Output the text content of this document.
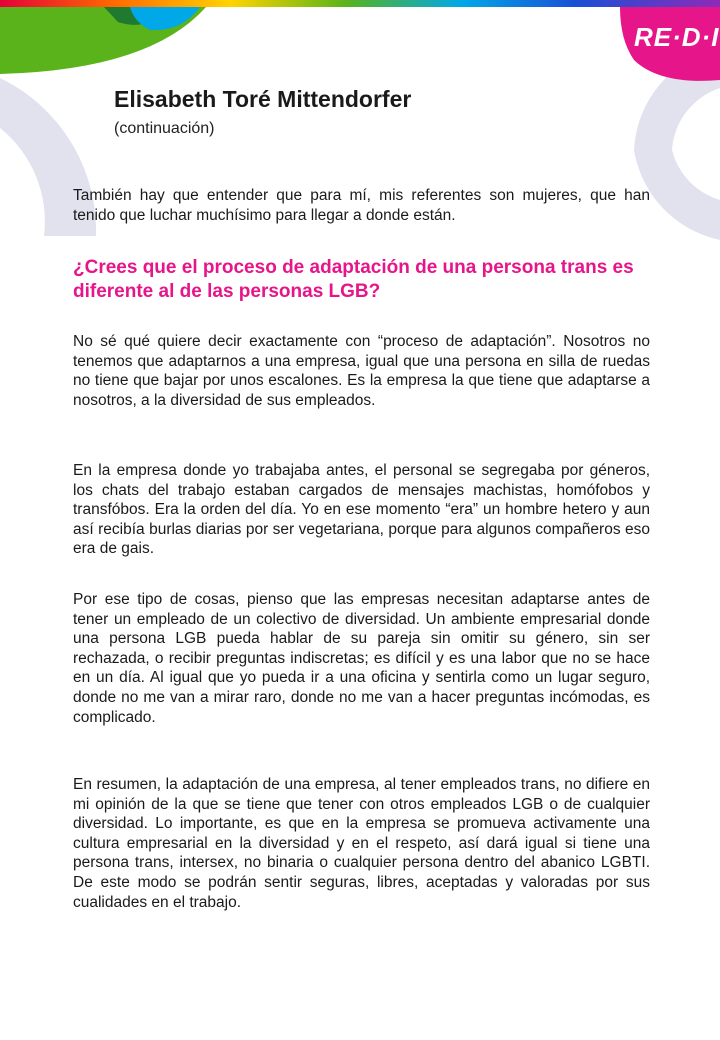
RE·D·I
Elisabeth Toré Mittendorfer

(continuación)

También hay que entender que para mí, mis referentes son mujeres, que han tenido que luchar muchísimo para llegar a donde están.

¿Crees que el proceso de adaptación de una persona trans es diferente al de las personas LGB?

No sé qué quiere decir exactamente con “proceso de adaptación”. Nosotros no tenemos que adaptarnos a una empresa, igual que una persona en silla de ruedas no tiene que bajar por unos escalones. Es la empresa la que tiene que adaptarse a nosotros, a la diversidad de sus empleados.

En la empresa donde yo trabajaba antes, el personal se segregaba por géneros, los chats del trabajo estaban cargados de mensajes machistas, homófobos y transfóbos. Era la orden del día. Yo en ese momento “era” un hombre hetero y aun así recibía burlas diarias por ser vegetariana, porque para algunos compañeros eso era de gais.

Por ese tipo de cosas, pienso que las empresas necesitan adaptarse antes de tener un empleado de un colectivo de diversidad. Un ambiente empresarial donde una persona LGB pueda hablar de su pareja sin omitir su género, sin ser rechazada, o recibir preguntas indiscretas; es difícil y es una labor que no se hace en un día. Al igual que yo pueda ir a una oficina y sentirla como un lugar seguro, donde no me van a mirar raro, donde no me van a hacer preguntas incómodas, es complicado.

En resumen, la adaptación de una empresa, al tener empleados trans, no difiere en mi opinión de la que se tiene que tener con otros empleados LGB o de cualquier diversidad. Lo importante, es que en la empresa se promueva activamente una cultura empresarial en la diversidad y en el respeto, así dará igual si tiene una persona trans, intersex, no binaria o cualquier persona dentro del abanico LGBTI. De este modo se podrán sentir seguras, libres, aceptadas y valoradas por sus cualidades en el trabajo.
